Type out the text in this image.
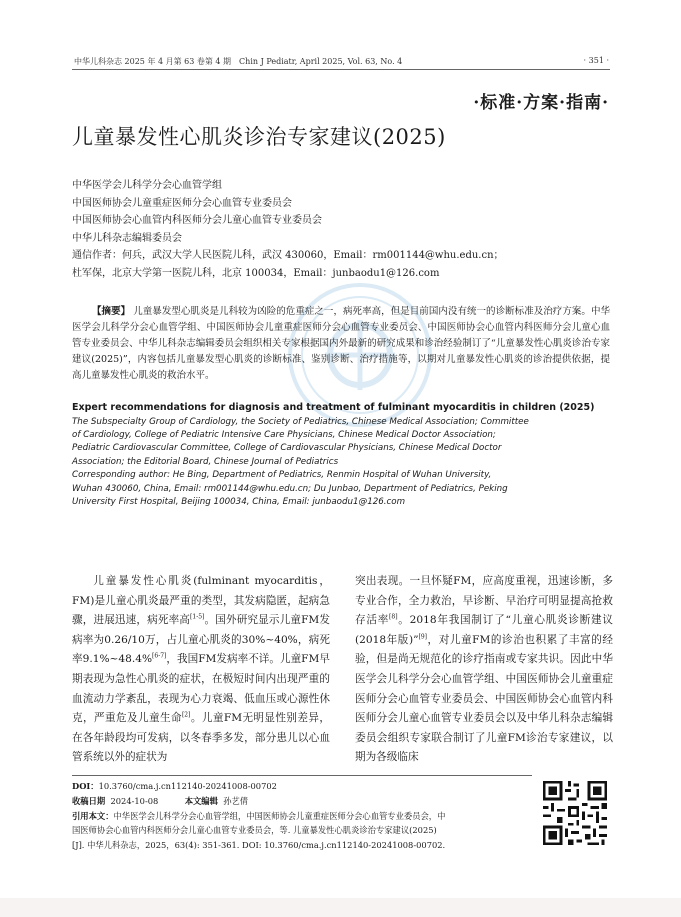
中华儿科杂志 2025 年 4 月第 63 卷第 4 期　Chin J Pediatr, April 2025, Vol. 63, No. 4	· 351 ·
·标准·方案·指南·
儿童暴发性心肌炎诊治专家建议(2025)
中华医学会儿科学分会心血管学组
中国医师协会儿童重症医师分会心血管专业委员会
中国医师协会心血管内科医师分会儿童心血管专业委员会
中华儿科杂志编辑委员会
通信作者：何兵，武汉大学人民医院儿科，武汉 430060，Email：rm001144@whu.edu.cn；
杜军保，北京大学第一医院儿科，北京 100034，Email：junbaodu1@126.com
【摘要】 儿童暴发型心肌炎是儿科较为凶险的危重症之一，病死率高，但是目前国内没有统一的诊断标准及治疗方案。中华医学会儿科学分会心血管学组、中国医师协会儿童重症医师分会心血管专业委员会、中国医师协会心血管内科医师分会儿童心血管专业委员会、中华儿科杂志编辑委员会组织相关专家根据国内外最新的研究成果和诊治经验制订了“儿童暴发性心肌炎诊治专家建议(2025)”，内容包括儿童暴发型心肌炎的诊断标准、鉴别诊断、治疗措施等，以期对儿童暴发性心肌炎的诊治提供依据，提高儿童暴发性心肌炎的救治水平。
Expert recommendations for diagnosis and treatment of fulminant myocarditis in children (2025)
The Subspecialty Group of Cardiology, the Society of Pediatrics, Chinese Medical Association; Committee
of Cardiology, College of Pediatric Intensive Care Physicians, Chinese Medical Doctor Association;
Pediatric Cardiovascular Committee, College of Cardiovascular Physicians, Chinese Medical Doctor
Association; the Editorial Board, Chinese Journal of Pediatrics
Corresponding author: He Bing, Department of Pediatrics, Renmin Hospital of Wuhan University,
Wuhan 430060, China, Email: rm001144@whu.edu.cn; Du Junbao, Department of Pediatrics, Peking
University First Hospital, Beijing 100034, China, Email: junbaodu1@126.com

儿童暴发性心肌炎(fulminant myocarditis，FM)是儿童心肌炎最严重的类型，其发病隐匿，起病急骤，进展迅速，病死率高[1-5]。国外研究显示儿童FM发病率为0.26/10万，占儿童心肌炎的30%~40%，病死率9.1%~48.4%[6-7]，我国FM发病率不详。儿童FM早期表现为急性心肌炎的症状，在极短时间内出现严重的血流动力学紊乱，表现为心力衰竭、低血压或心源性休克，严重危及儿童生命[2]。儿童FM无明显性别差异，在各年龄段均可发病，以冬春季多发，部分患儿以心血管系统以外的症状为

突出表现。一旦怀疑FM，应高度重视，迅速诊断，多专业合作，全力救治，早诊断、早治疗可明显提高抢救存活率[8]。2018年我国制订了“儿童心肌炎诊断建议(2018年版)”[9]，对儿童FM的诊治也积累了丰富的经验，但是尚无规范化的诊疗指南或专家共识。因此中华医学会儿科学分会心血管学组、中国医师协会儿童重症医师分会心血管专业委员会、中国医师协会心血管内科医师分会儿童心血管专业委员会以及中华儿科杂志编辑委员会组织专家联合制订了儿童FM诊治专家建议，以期为各级临床

DOI：10.3760/cma.j.cn112140-20241008-00702
收稿日期 2024-10-08	本文编辑 孙艺倩
引用本文：中华医学会儿科学分会心血管学组，中国医师协会儿童重症医师分会心血管专业委员会，中
国医师协会心血管内科医师分会儿童心血管专业委员会，等. 儿童暴发性心肌炎诊治专家建议(2025)
[J]. 中华儿科杂志，2025，63(4): 351-361. DOI: 10.3760/cma.j.cn112140-20241008-00702.
